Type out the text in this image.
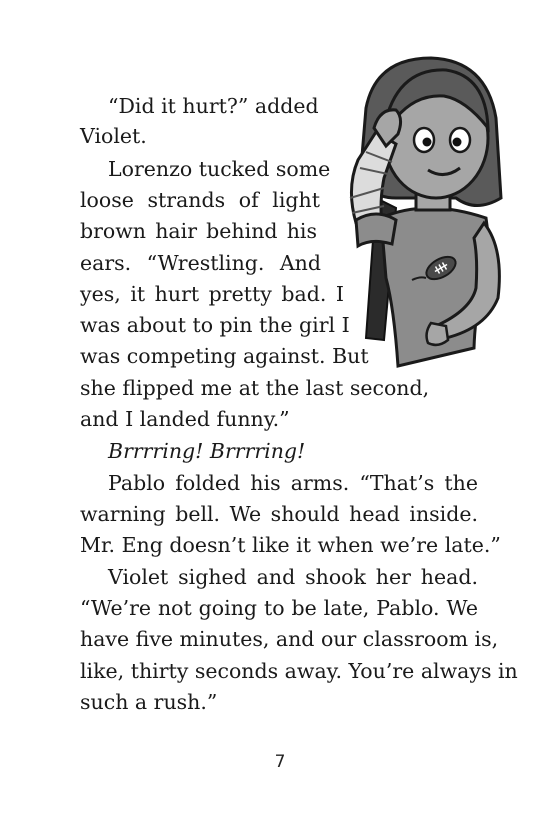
“Did it hurt?” added
Violet.
Lorenzo tucked some
loose strands of light
brown hair behind his
ears. “Wrestling. And
yes, it hurt pretty bad. I
was about to pin the girl I
was competing against. But
she flipped me at the last second,
and I landed funny.”
Brrrring! Brrrring!
Pablo folded his arms. “That’s the
warning bell. We should head inside.
Mr. Eng doesn’t like it when we’re late.”
Violet sighed and shook her head.
“We’re not going to be late, Pablo. We
have five minutes, and our classroom is,
like, thirty seconds away. You’re always in
such a rush.”
7
